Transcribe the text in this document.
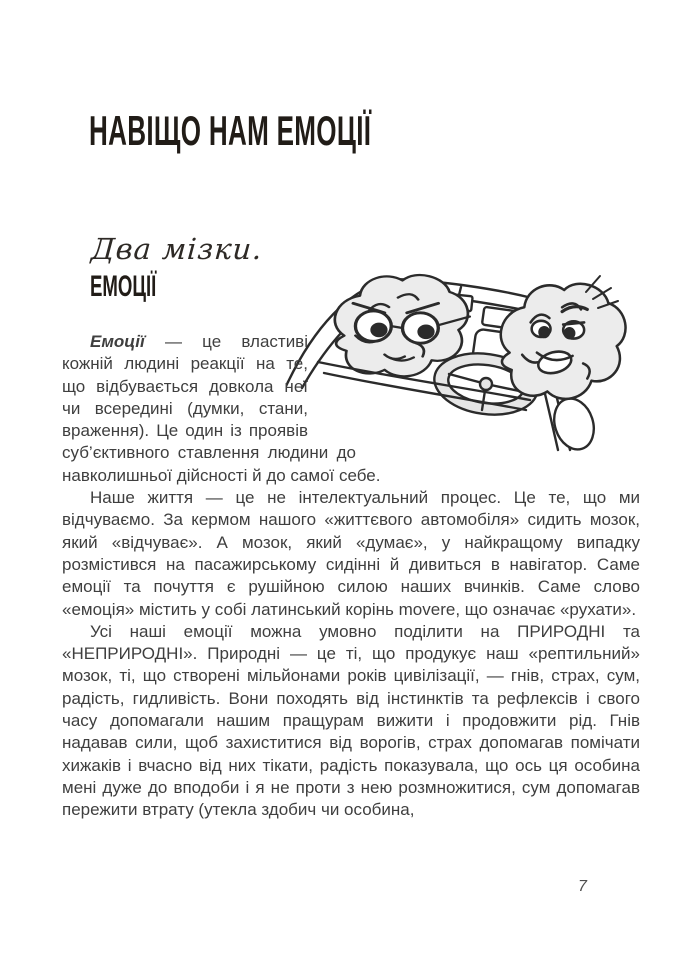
НАВІЩО НАМ ЕМОЦІЇ
Два мізки.
ЕМОЦІЇ

Емоції — це властиві кожній людині реакції на те, що відбувається довкола неї чи всередині (думки, стани, враження). Це один із проявів суб’єктивного ставлення людини до навколишньої дійсності й до самої себе.

Наше життя — це не інтелектуальний процес. Це те, що ми відчуваємо. За кермом нашого «життєвого автомобіля» сидить мозок, який «відчуває». А мозок, який «думає», у найкращому випадку розмістився на пасажирському сидінні й дивиться в навігатор. Саме емоції та почуття є рушійною силою наших вчинків. Саме слово «емоція» містить у собі латинський корінь movere, що означає «рухати».

Усі наші емоції можна умовно поділити на ПРИРОДНІ та «НЕПРИРОДНІ». Природні — це ті, що продукує наш «рептильний» мозок, ті, що створені мільйонами років цивілізації, — гнів, страх, сум, радість, гидливість. Вони походять від інстинктів та рефлексів і свого часу допомагали нашим пращурам вижити і продовжити рід. Гнів надавав сили, щоб захиститися від ворогів, страх допомагав помічати хижаків і вчасно від них тікати, радість показувала, що ось ця особина мені дуже до вподоби і я не проти з нею розмножитися, сум допомагав пережити втрату (утекла здобич чи особина,

7
